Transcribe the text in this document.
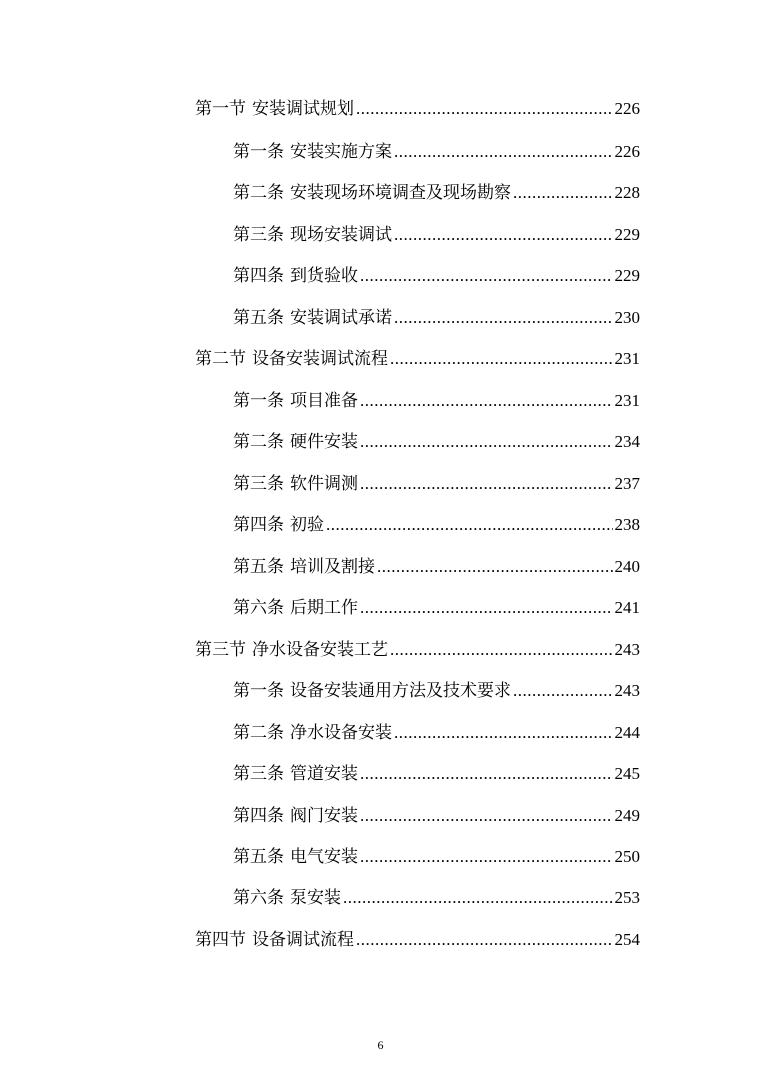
第一节 安装调试规划 .....	226
第一条 安装实施方案 .....	226
第二条 安装现场环境调查及现场勘察 .....	228
第三条 现场安装调试 .....	229
第四条 到货验收 .....	229
第五条 安装调试承诺 .....	230
第二节 设备安装调试流程 .....	231
第一条 项目准备 .....	231
第二条 硬件安装 .....	234
第三条 软件调测 .....	237
第四条 初验 .....	238
第五条 培训及割接 .....	240
第六条 后期工作 .....	241
第三节 净水设备安装工艺 .....	243
第一条 设备安装通用方法及技术要求 .....	243
第二条 净水设备安装 .....	244
第三条 管道安装 .....	245
第四条 阀门安装 .....	249
第五条 电气安装 .....	250
第六条 泵安装 .....	253
第四节 设备调试流程 .....	254
6
